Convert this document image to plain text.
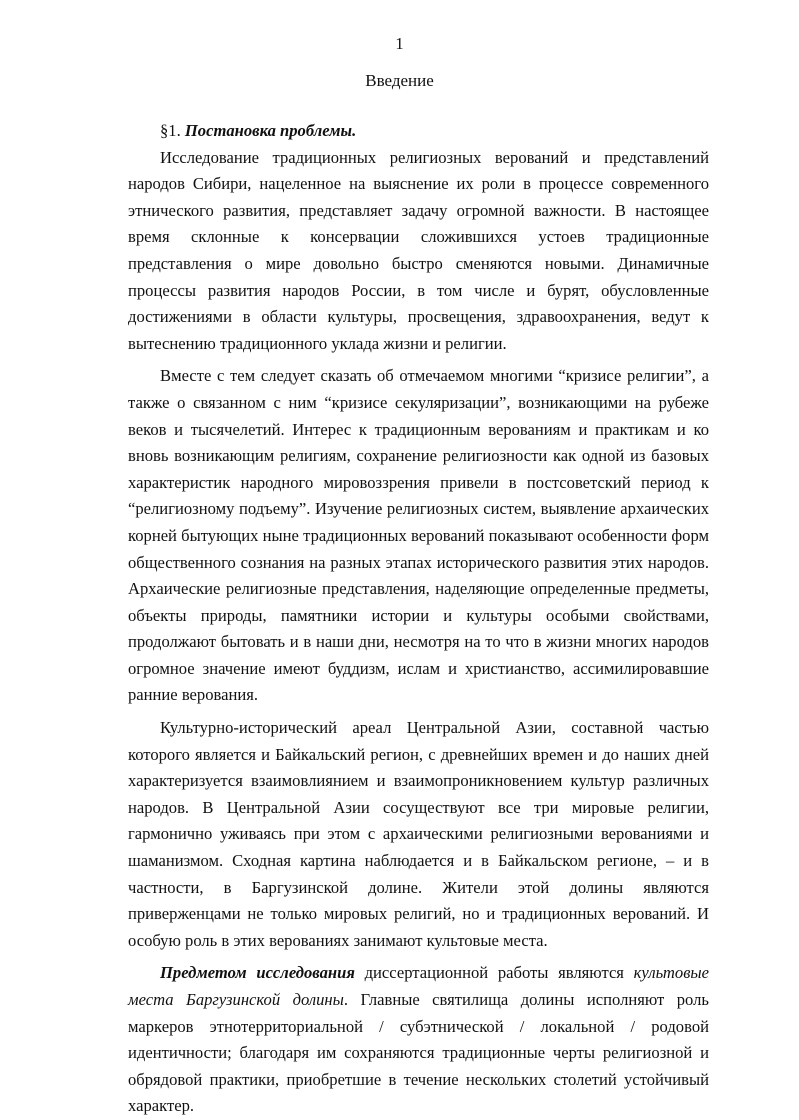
1
Введение

§1. Постановка проблемы.

Исследование традиционных религиозных верований и представлений народов Сибири, нацеленное на выяснение их роли в процессе современного этнического развития, представляет задачу огромной важности. В настоящее время склонные к консервации сложившихся устоев традиционные представления о мире довольно быстро сменяются новыми. Динамичные процессы развития народов России, в том числе и бурят, обусловленные достижениями в области культуры, просвещения, здравоохранения, ведут к вытеснению традиционного уклада жизни и религии.

Вместе с тем следует сказать об отмечаемом многими “кризисе религии”, а также о связанном с ним “кризисе секуляризации”, возникающими на рубеже веков и тысячелетий. Интерес к традиционным верованиям и практикам и ко вновь возникающим религиям, сохранение религиозности как одной из базовых характеристик народного мировоззрения привели в постсоветский период к “религиозному подъему”. Изучение религиозных систем, выявление архаических корней бытующих ныне традиционных верований показывают особенности форм общественного сознания на разных этапах исторического развития этих народов. Архаические религиозные представления, наделяющие определенные предметы, объекты природы, памятники истории и культуры особыми свойствами, продолжают бытовать и в наши дни, несмотря на то что в жизни многих народов огромное значение имеют буддизм, ислам и христианство, ассимилировавшие ранние верования.

Культурно-исторический ареал Центральной Азии, составной частью которого является и Байкальский регион, с древнейших времен и до наших дней характеризуется взаимовлиянием и взаимопроникновением культур различных народов. В Центральной Азии сосуществуют все три мировые религии, гармонично уживаясь при этом с архаическими религиозными верованиями и шаманизмом. Сходная картина наблюдается и в Байкальском регионе, – и в частности, в Баргузинской долине. Жители этой долины являются приверженцами не только мировых религий, но и традиционных верований. И особую роль в этих верованиях занимают культовые места.

Предметом исследования диссертационной работы являются культовые места Баргузинской долины. Главные святилища долины исполняют роль маркеров этнотерриториальной / субэтнической / локальной / родовой идентичности; благодаря им сохраняются традиционные черты религиозной и обрядовой практики, приобретшие в течение нескольких столетий устойчивый характер.
